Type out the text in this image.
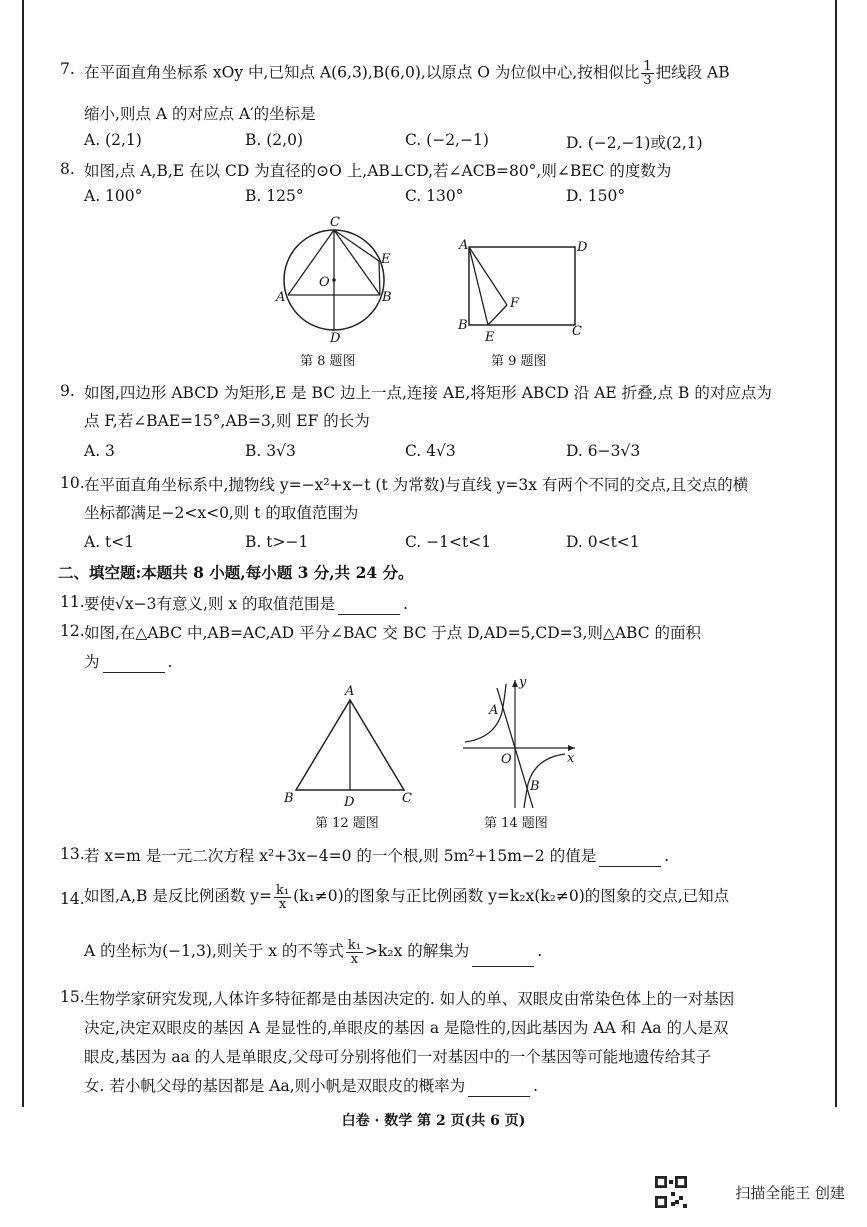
7. 在平面直角坐标系 xOy 中,已知点 A(6,3),B(6,0),以原点 O 为位似中心,按相似比 $\frac{1}{3}$ 把线段 AB
缩小,则点 A 的对应点 A′的坐标是
A. (2,1)	B. (2,0)	C. (−2,−1)	D. (−2,−1)或(2,1)
8. 如图,点 A,B,E 在以 CD 为直径的⊙O 上,AB⊥CD,若∠ACB=80°,则∠BEC 的度数为
A. 100°	B. 125°	C. 130°	D. 150°
C
E
O
A	B
D
第 8 题图
A	D
F
B
E	C
第 9 题图
9. 如图,四边形 ABCD 为矩形,E 是 BC 边上一点,连接 AE,将矩形 ABCD 沿 AE 折叠,点 B 的对应点为
点 F,若∠BAE=15°,AB=3,则 EF 的长为
A. 3	B. 3√3	C. 4√3	D. 6−3√3
10. 在平面直角坐标系中,抛物线 y=−x²+x−t (t 为常数)与直线 y=3x 有两个不同的交点,且交点的横
坐标都满足−2<x<0,则 t 的取值范围为
A. t<1	B. t>−1	C. −1<t<1	D. 0<t<1
二、填空题:本题共 8 小题,每小题 3 分,共 24 分。
11. 要使√x−3有意义,则 x 的取值范围是	.
12. 如图,在△ABC 中,AB=AC,AD 平分∠BAC 交 BC 于点 D,AD=5,CD=3,则△ABC 的面积
为	.
A
B	D	C
第 12 题图
y
A
O	x
B
第 14 题图
13. 若 x=m 是一元二次方程 x²+3x−4=0 的一个根,则 5m²+15m−2 的值是	.
14. 如图,A,B 是反比例函数 $y= \frac{\text{k₁}}{x} (k_1\ne 0)$的图象与正比例函数 y=k₂x(k₂≠0)的图象的交点,已知点
A 的坐标为(−1,3),则关于 x 的不等式 $\frac{\text{k₁}}{x} >k_2x$ 的解集为	.
15. 生物学家研究发现,人体许多特征都是由基因决定的. 如人的单、双眼皮由常染色体上的一对基因
决定,决定双眼皮的基因 A 是显性的,单眼皮的基因 a 是隐性的,因此基因为 AA 和 Aa 的人是双
眼皮,基因为 aa 的人是单眼皮,父母可分别将他们一对基因中的一个基因等可能地遗传给其子
女. 若小帆父母的基因都是 Aa,则小帆是双眼皮的概率为	.
白卷 · 数学 第 2 页(共 6 页)
扫描全能王 创建
